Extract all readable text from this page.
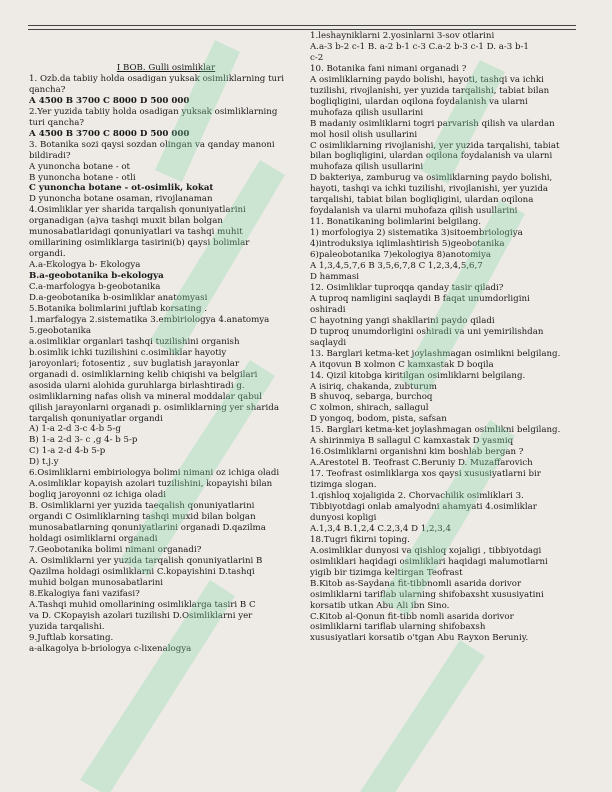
I BOB. Gulli osimliklar
1. Ozb.da tabiiy holda osadigan yuksak osimliklarning turi
qancha?
A 4500 B 3700 C 8000 D 500 000
2.Yer yuzida tabiiy holda osadigan yuksak osimliklarning
turi qancha?
A 4500 B 3700 C 8000 D 500 000
3. Botanika sozi qaysi sozdan olingan va qanday manoni
bildiradi?
A yunoncha botane - ot
B yunoncha botane - otli
C yunoncha botane - ot-osimlik, kokat
D yunoncha botane osaman, rivojlanaman
4.Osimliklar yer sharida tarqalish qonuniyatlarini
organadigan (a)va tashqi muxit bilan bolgan
munosabatlaridagi qonuniyatlari va tashqi muhit
omillarining osimliklarga tasirini(b) qaysi bolimlar
organdi.
A.a-Ekologya b- Ekologya
B.a-geobotanika b-ekologya
C.a-marfologya b-geobotanika
D.a-geobotanika b-osimliklar anatomyasi
5.Botanika bolimlarini juftlab korsating .
1.marfalogya 2.sistematika 3.embiriologya 4.anatomya
5.geobotanika
a.osimliklar organlari tashqi tuzilishini organish
b.osimlik ichki tuzilishini c.osimliklar hayotiy
jaroyonlari; fotosentiz , suv buglatish jarayonlar
organadi d. osimliklarning kelib chiqishi va belgilari
asosida ularni alohida guruhlarga birlashtiradi g.
osimliklarning nafas olish va mineral moddalar qabul
qilish jarayonlarni organadi p. osimliklarning yer sharida
tarqalish qonuniyatlar organdi
A) 1-a 2-d 3-c 4-b 5-g
B) 1-a 2-d 3- c ,g 4- b 5-p
C) 1-a 2-d 4-b 5-p
D) t.j.y
6.Osimliklarni embiriologya bolimi nimani oz ichiga oladi
A.osimliklar kopayish azolari tuzilishini, kopayishi bilan
bogliq jaroyonni oz ichiga oladi
B. Osimliklarni yer yuzida taeqalish qonuniyatlarini
organdi C Osimliklarning tashqi muxid bilan bolgan
munosabatlarning qonuniyatlarini organadi D.qazilma
holdagi osimliklarni organadi
7.Geobotanika bolimi nimani organadi?
A. Osimliklarni yer yuzida tarqalish qonuniyatlarini B
Qazilma holdagi osimliklarni C.kopayishini D.tashqi
muhid bolgan munosabatlarini
8.Ekalogiya fani vazifasi?
A.Tashqi muhid omollarining osimliklarga tasiri B C
va D. CKopayish azolari tuzilishi D.Osimliklarni yer
yuzida tarqalishi.
9.Juftlab korsating.
a-alkagolya b-briologya c-lixenalogya
1.leshayniklarni 2.yosinlarni 3-sov otlarini
A.a-3 b-2 c-1 B. a-2 b-1 c-3 C.a-2 b-3 c-1 D. a-3 b-1
c-2
10. Botanika fani nimani organadi ?
A osimliklarning paydo bolishi, hayoti, tashqi va ichki
tuzilishi, rivojlanishi, yer yuzida tarqalishi, tabiat bilan
bogliqligini, ulardan oqilona foydalanish va ularni
muhofaza qilish usullarini
B madaniy osimliklarni togri parvarish qilish va ulardan
mol hosil olish usullarini
C osimliklarning rivojlanishi, yer yuzida tarqalishi, tabiat
bilan bogliqligini, ulardan oqilona foydalanish va ularni
muhofaza qilish usullarini
D bakteriya, zamburug va osimliklarning paydo bolishi,
hayoti, tashqi va ichki tuzilishi, rivojlanishi, yer yuzida
tarqalishi, tabiat bilan bogliqligini, ulardan oqilona
foydalanish va ularni muhofaza qilish usullarini
11. Bonatikaning bolimlarini belgilang.
1) morfologiya 2) sistematika 3)sitoembriologiya
4)introduksiya iqlimlashtirish 5)geobotanika
6)paleobotanika 7)ekologiya 8)anotomiya
A 1,3,4,5,7,6 B 3,5,6,7,8 C 1,2,3,4,5,6,7
D hammasi
12. Osimliklar tuproqqa qanday tasir qiladi?
A tuproq namligini saqlaydi B faqat unumdorligini
oshiradi
C hayotning yangi shakllarini paydo qiladi
D tuproq unumdorligini oshiradi va uni yemirilishdan
saqlaydi
13. Barglari ketma-ket joylashmagan osimlikni belgilang.
A itqovun B xolmon C kamxastak D boqila
14. Qizil kitobga kiritilgan osimliklarni belgilang.
A isiriq, chakanda, zubturum
B shuvoq, sebarga, burchoq
C xolmon, shirach, sallagul
D yongoq, bodom, pista, safsan
15. Barglari ketma-ket joylashmagan osimlikni belgilang.
A shirinmiya B sallagul C kamxastak D yasmiq
16.Osimliklarni organishni kim boshlab bergan ?
A.Arestotel B. Teofrast C.Beruniy D. Muzaffarovich
17. Teofrast osimliklarga xos qaysi xususiyatlarni bir
tizimga slogan.
1.qishloq xojaligida 2. Chorvachilik osimliklari 3.
Tibbiyotdagi onlab amalyodni ahamyati 4.osimliklar
dunyosi kopligi
A.1,3,4 B.1,2,4 C.2,3,4 D 1,2,3,4
18.Tugri fikirni toping.
A.osimliklar dunyosi va qishloq xojaligi , tibbiyotdagi
osimliklari haqidagi osimliklari haqidagi malumotlarni
yigib bir tizimga keltirgan Teofrast
B.Kitob as-Saydana fit-tibbnomli asarida dorivor
osimliklarni tariflab ularning shifobaxsht xususiyatini
korsatib utkan Abu Ali ibn Sino.
C.Kitob al-Qonun fit-tibb nomli asarida dorivor
osimliklarni tariflab ularning shifobaxsh
xususiyatlari korsatib o'tgan Abu Rayxon Beruniy.
